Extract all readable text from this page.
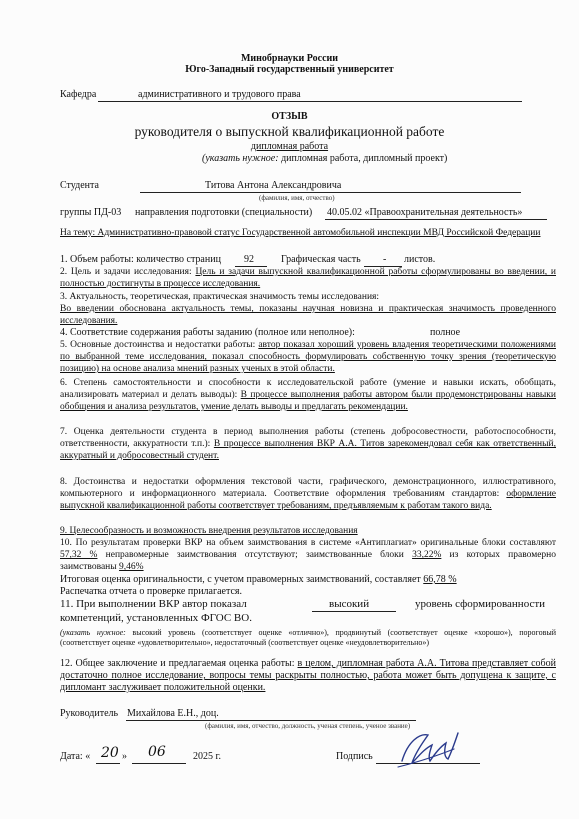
Минобрнауки России
Юго-Западный государственный университет
Кафедра	административного и трудового права
ОТЗЫВ
руководителя о выпускной квалификационной работе
дипломная работа
(указать нужное: дипломная работа, дипломный проект)
Студента	Титова Антона Александровича
(фамилия, имя, отчество)
группы ПД-03 направления подготовки (специальности) 40.05.02 «Правоохранительная деятельность»
На тему: Административно-правовой статус Государственной автомобильной инспекции МВД Российской Федерации
1. Объем работы: количество страниц 92	Графическая часть - листов.
2. Цель и задачи исследования: Цель и задачи выпускной квалификационной работы сформулированы во введении, и полностью достигнуты в процессе исследования.
3. Актуальность, теоретическая, практическая значимость темы исследования:
Во введении обоснована актуальность темы, показаны научная новизна и практическая значимость проведенного исследования.
4. Соответствие содержания работы заданию (полное или неполное):	полное
5. Основные достоинства и недостатки работы: автор показал хороший уровень владения теоретическими положениями по выбранной теме исследования, показал способность формулировать собственную точку зрения (теоретическую позицию) на основе анализа мнений разных ученых в этой области.
6. Степень самостоятельности и способности к исследовательской работе (умение и навыки искать, обобщать, анализировать материал и делать выводы): В процессе выполнения работы автором были продемонстрированы навыки обобщения и анализа результатов, умение делать выводы и предлагать рекомендации.
7. Оценка деятельности студента в период выполнения работы (степень добросовестности, работоспособности, ответственности, аккуратности т.п.): В процессе выполнения ВКР А.А. Титов зарекомендовал себя как ответственный, аккуратный и добросовестный студент.
8. Достоинства и недостатки оформления текстовой части, графического, демонстрационного, иллюстративного, компьютерного и информационного материала. Соответствие оформления требованиям стандартов: оформление выпускной квалификационной работы соответствует требованиям, предъявляемым к работам такого вида.
9. Целесообразность и возможность внедрения результатов исследования
10. По результатам проверки ВКР на объем заимствования в системе «Антиплагиат» оригинальные блоки составляют 57,32 % неправомерные заимствования отсутствуют; заимствованные блоки 33,22% из которых правомерно заимствованы 9,46%
Итоговая оценка оригинальности, с учетом правомерных заимствований, составляет 66,78 %
Распечатка отчета о проверке прилагается.
11. При выполнении ВКР автор показал	высокий	уровень сформированности
компетенций, установленных ФГОС ВО.
(указать нужное: высокий уровень (соответствует оценке «отлично»), продвинутый (соответствует оценке «хорошо»), пороговый (соответствует оценке «удовлетворительно», недостаточный (соответствует оценке «неудовлетворительно»)
12. Общее заключение и предлагаемая оценка работы: в целом, дипломная работа А.А. Титова представляет собой достаточно полное исследование, вопросы темы раскрыты полностью, работа может быть допущена к защите, с дипломант заслуживает положительной оценки.
Руководитель Михайлова Е.Н., доц.
(фамилия, имя, отчество, должность, ученая степень, ученое звание)
Дата: « 20 » 06	2025 г.	Подпись
